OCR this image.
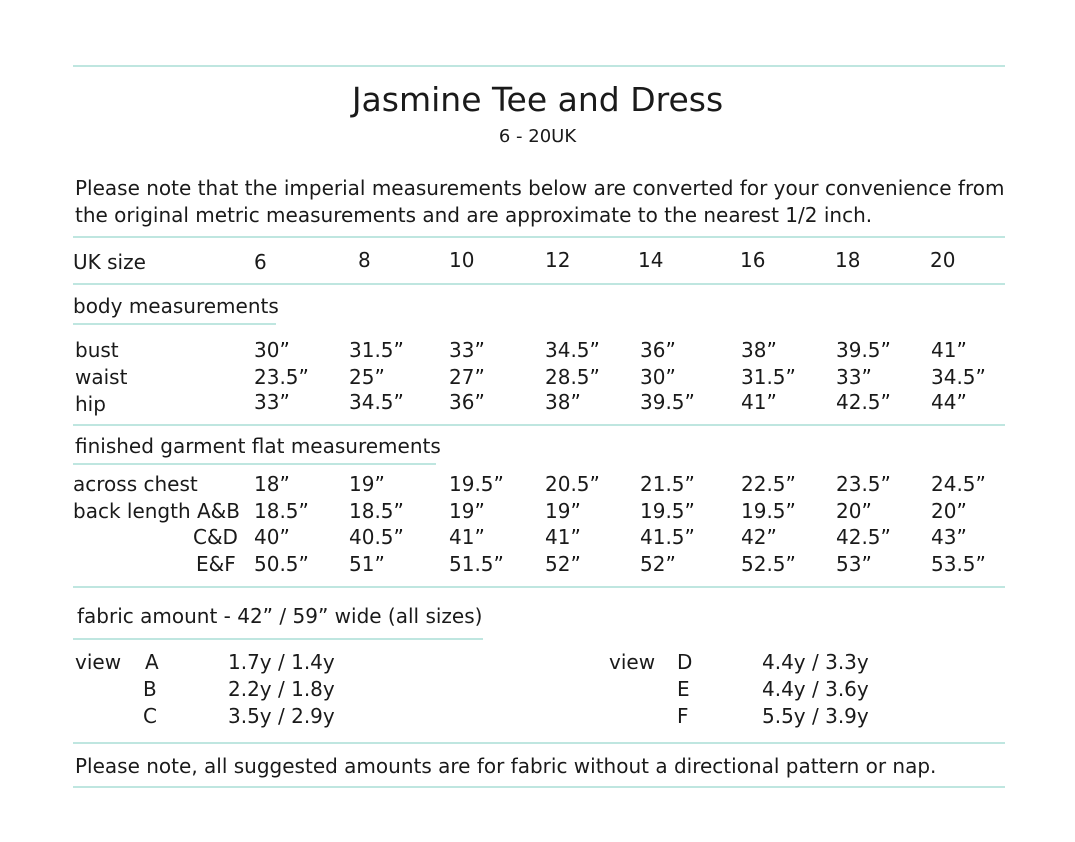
Jasmine Tee and Dress
6 - 20UK
Please note that the imperial measurements below are converted for your convenience from
the original metric measurements and are approximate to the nearest 1/2 inch.
UK size	6	8	10	12	14	16	18	20
body measurements
bust	30”	31.5” 33”	34.5” 36”	38”	39.5” 41”
waist	23.5” 25”	27”	28.5” 30”	31.5” 33”	34.5”
hip	33”	34.5” 36”	38”	39.5” 41”	42.5” 44”
finished garment flat measurements
across chest	18”	19”	19.5” 20.5” 21.5” 22.5” 23.5” 24.5”
back length A&B 18.5” 18.5” 19”	19”	19.5” 19.5” 20”	20”
C&D 40”	40.5” 41”	41”	41.5” 42”	42.5” 43”
E&F 50.5” 51”	51.5” 52”	52”	52.5” 53”	53.5”
fabric amount - 42” / 59” wide (all sizes)
view A	1.7y / 1.4y
B	2.2y / 1.8y
C	3.5y / 2.9y
view D	4.4y / 3.3y
E	4.4y / 3.6y
F	5.5y / 3.9y
Please note, all suggested amounts are for fabric without a directional pattern or nap.
